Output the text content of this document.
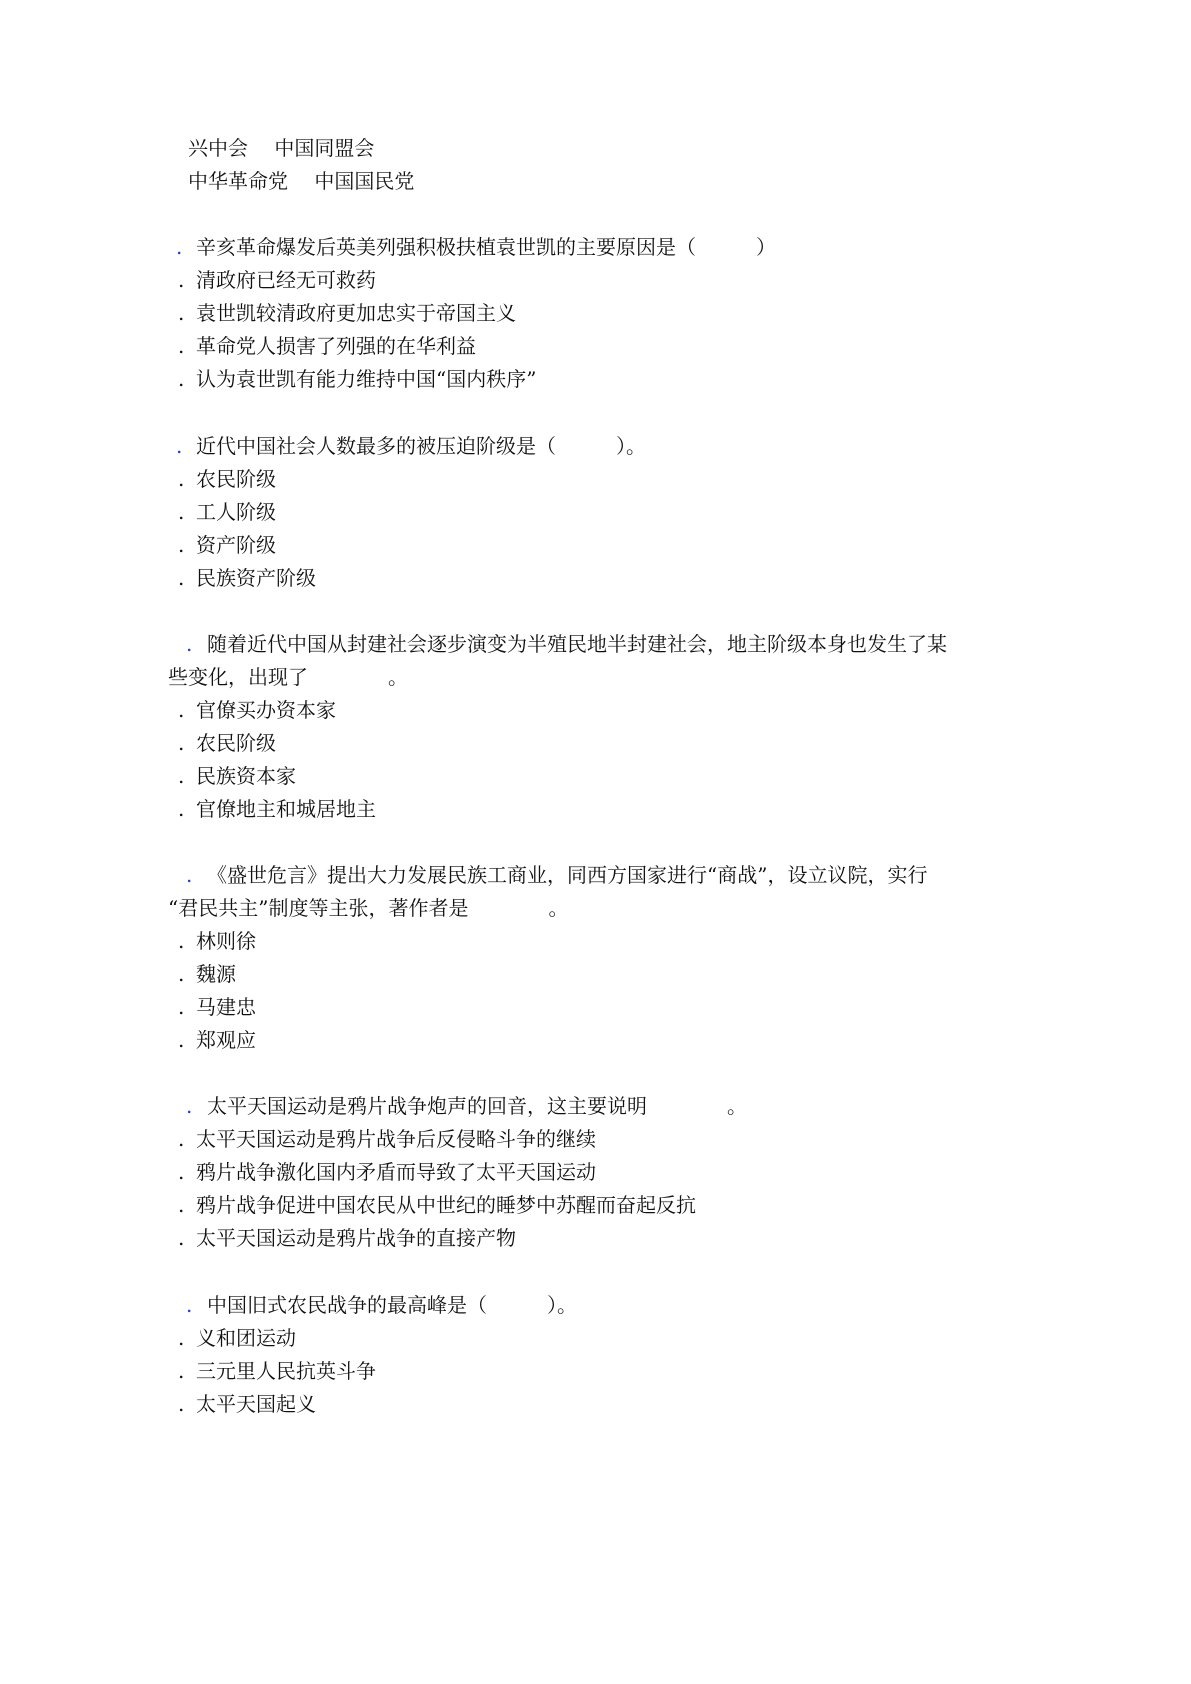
兴中会　 中国同盟会
中华革命党　 中国国民党
. 辛亥革命爆发后英美列强积极扶植袁世凯的主要原因是（　　　）
. 清政府已经无可救药
. 袁世凯较清政府更加忠实于帝国主义
. 革命党人损害了列强的在华利益
. 认为袁世凯有能力维持中国“国内秩序”
. 近代中国社会人数最多的被压迫阶级是（　　　）。
. 农民阶级
. 工人阶级
. 资产阶级
. 民族资产阶级
. 随着近代中国从封建社会逐步演变为半殖民地半封建社会，地主阶级本身也发生了某
些变化，出现了　　　　。
. 官僚买办资本家
. 农民阶级
. 民族资本家
. 官僚地主和城居地主
. 《盛世危言》提出大力发展民族工商业，同西方国家进行“商战”，设立议院，实行
“君民共主”制度等主张，著作者是　　　　。
. 林则徐
. 魏源
. 马建忠
. 郑观应
. 太平天国运动是鸦片战争炮声的回音，这主要说明　　　　。
. 太平天国运动是鸦片战争后反侵略斗争的继续
. 鸦片战争激化国内矛盾而导致了太平天国运动
. 鸦片战争促进中国农民从中世纪的睡梦中苏醒而奋起反抗
. 太平天国运动是鸦片战争的直接产物
. 中国旧式农民战争的最高峰是（　　　）。
. 义和团运动
. 三元里人民抗英斗争
. 太平天国起义
